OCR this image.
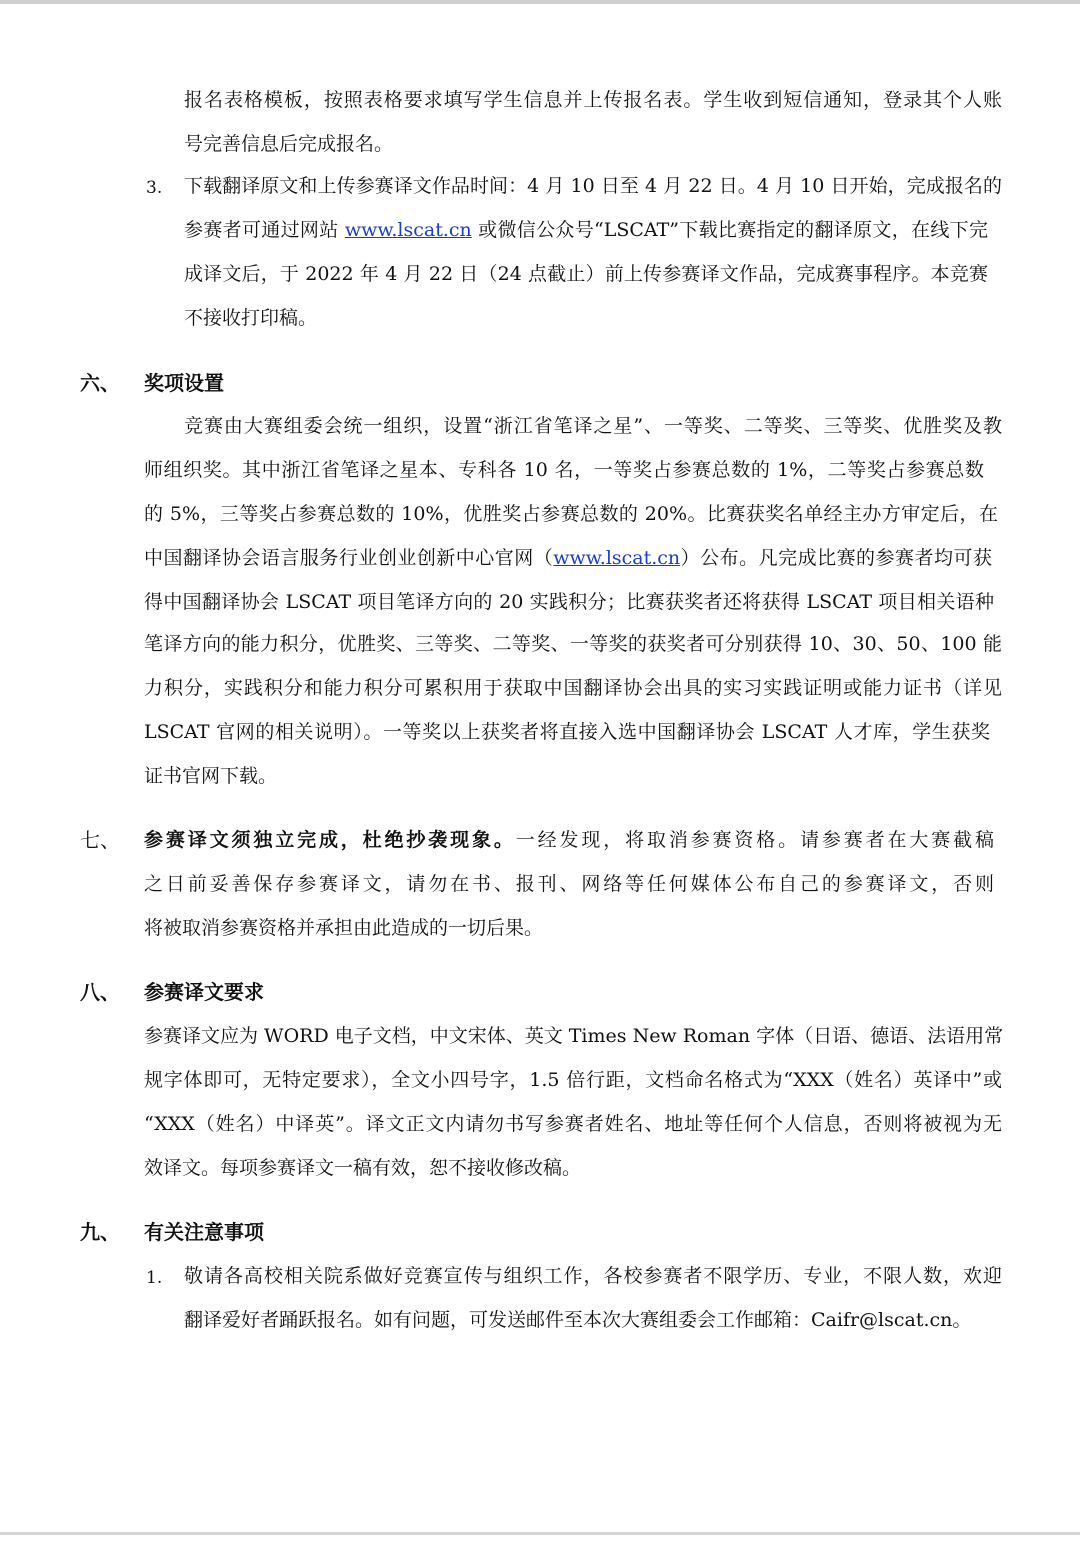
报名表格模板，按照表格要求填写学生信息并上传报名表。学生收到短信通知，登录其个人账
号完善信息后完成报名。
3. 下载翻译原文和上传参赛译文作品时间：4 月 10 日至 4 月 22 日。4 月 10 日开始，完成报名的
参赛者可通过网站 www.lscat.cn 或微信公众号“LSCAT”下载比赛指定的翻译原文，在线下完
成译文后，于 2022 年 4 月 22 日（24 点截止）前上传参赛译文作品，完成赛事程序。本竞赛
不接收打印稿。
六、 奖项设置
竞赛由大赛组委会统一组织，设置“浙江省笔译之星”、一等奖、二等奖、三等奖、优胜奖及教
师组织奖。其中浙江省笔译之星本、专科各 10 名，一等奖占参赛总数的 1%，二等奖占参赛总数
的 5%，三等奖占参赛总数的 10%，优胜奖占参赛总数的 20%。比赛获奖名单经主办方审定后，在
中国翻译协会语言服务行业创业创新中心官网（www.lscat.cn）公布。凡完成比赛的参赛者均可获
得中国翻译协会 LSCAT 项目笔译方向的 20 实践积分；比赛获奖者还将获得 LSCAT 项目相关语种
笔译方向的能力积分，优胜奖、三等奖、二等奖、一等奖的获奖者可分别获得 10、30、50、100 能
力积分，实践积分和能力积分可累积用于获取中国翻译协会出具的实习实践证明或能力证书（详见
LSCAT 官网的相关说明）。一等奖以上获奖者将直接入选中国翻译协会 LSCAT 人才库，学生获奖
证书官网下载。
七、 参赛译文须独立完成，杜绝抄袭现象。一经发现，将取消参赛资格。请参赛者在大赛截稿
之日前妥善保存参赛译文，请勿在书、报刊、网络等任何媒体公布自己的参赛译文，否则
将被取消参赛资格并承担由此造成的一切后果。
八、 参赛译文要求
参赛译文应为 WORD 电子文档，中文宋体、英文 Times New Roman 字体（日语、德语、法语用常
规字体即可，无特定要求），全文小四号字，1.5 倍行距，文档命名格式为“XXX（姓名）英译中”或
“XXX（姓名）中译英”。译文正文内请勿书写参赛者姓名、地址等任何个人信息，否则将被视为无
效译文。每项参赛译文一稿有效，恕不接收修改稿。
九、 有关注意事项
1. 敬请各高校相关院系做好竞赛宣传与组织工作，各校参赛者不限学历、专业，不限人数，欢迎
翻译爱好者踊跃报名。如有问题，可发送邮件至本次大赛组委会工作邮箱：Caifr@lscat.cn。
